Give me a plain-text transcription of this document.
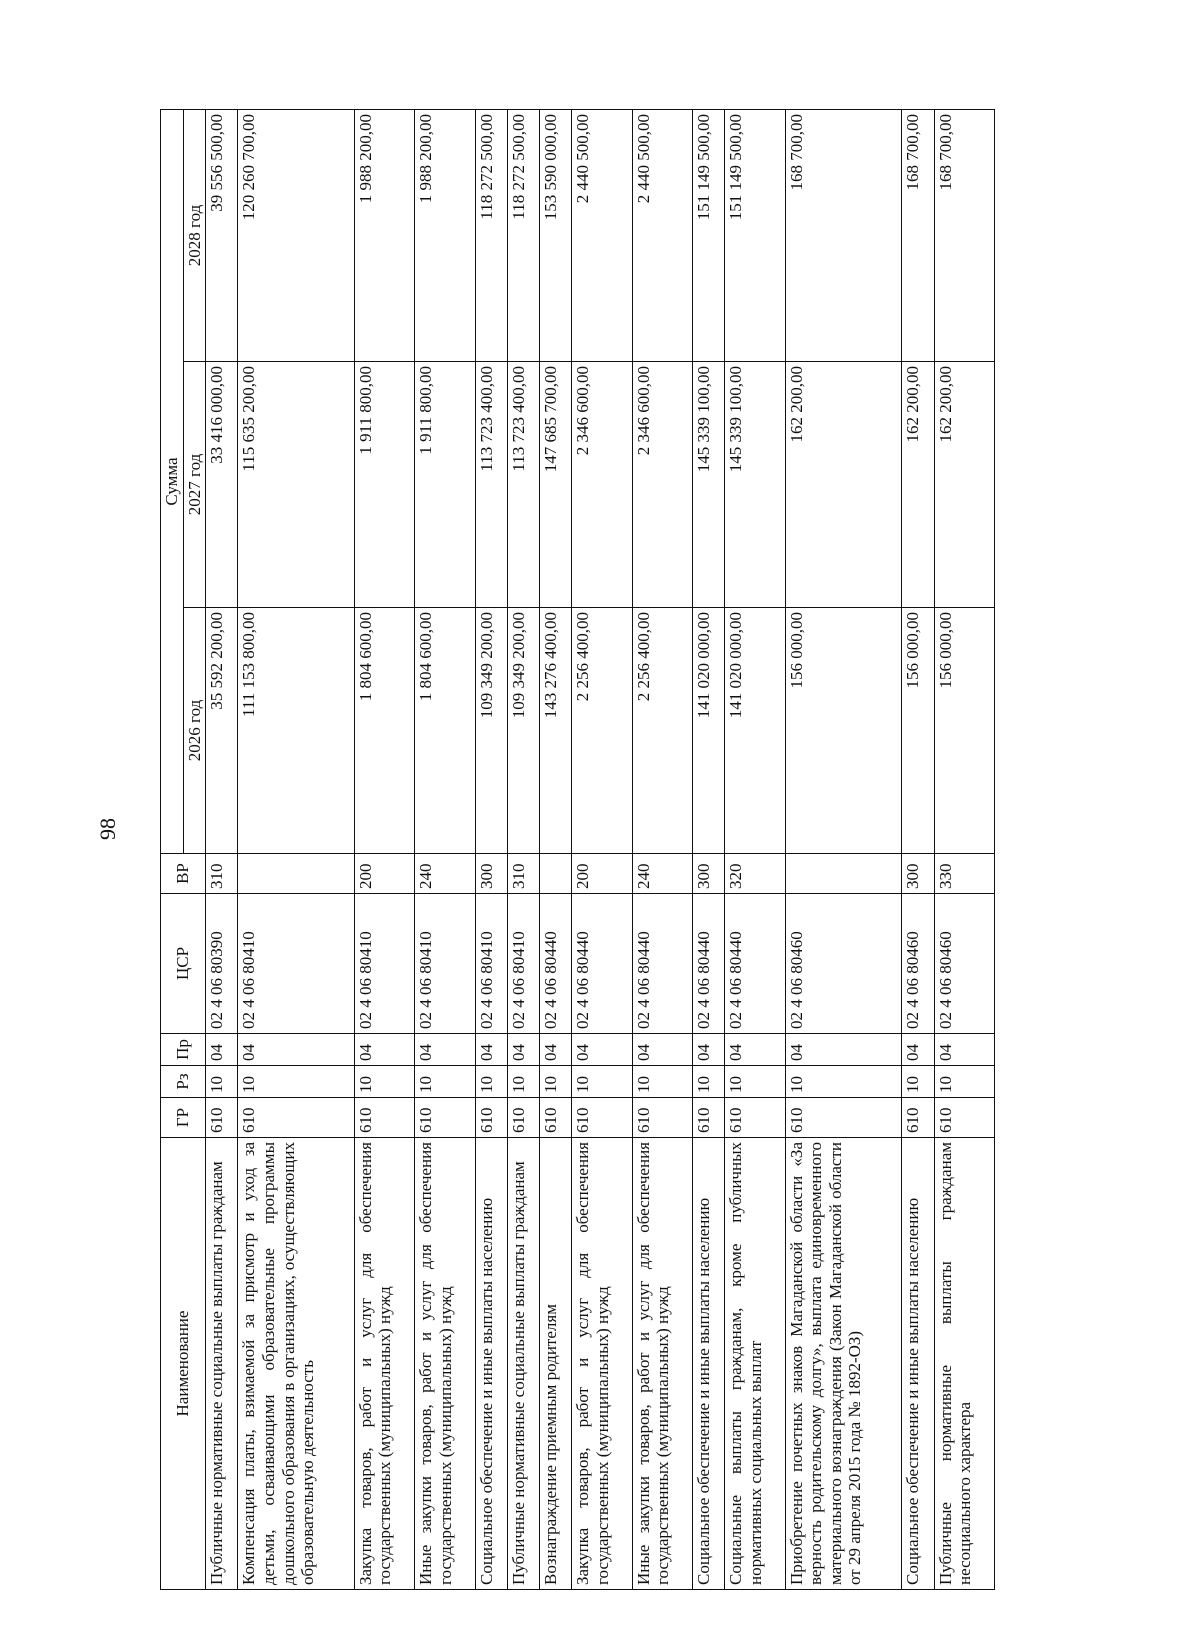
98
Наименование	ГР	Рз	Пр	ЦСР	ВР	Сумма		
						2026 год	2027 год	2028 год
Публичные нормативные социальные выплаты гражданам	610	10	04	02 4 06 80390	310	35 592 200,00	33 416 000,00	39 556 500,00
Компенсация платы, взимаемой за присмотр и уход за детьми, осваивающими образовательные программы дошкольного образования в организациях, осуществляющих образовательную деятельность	610	10	04	02 4 06 80410		111 153 800,00	115 635 200,00	120 260 700,00
Закупка товаров, работ и услуг для обеспечения государственных (муниципальных) нужд	610	10	04	02 4 06 80410	200	1 804 600,00	1 911 800,00	1 988 200,00
Иные закупки товаров, работ и услуг для обеспечения государственных (муниципальных) нужд	610	10	04	02 4 06 80410	240	1 804 600,00	1 911 800,00	1 988 200,00
Социальное обеспечение и иные выплаты населению	610	10	04	02 4 06 80410	300	109 349 200,00	113 723 400,00	118 272 500,00
Публичные нормативные социальные выплаты гражданам	610	10	04	02 4 06 80410	310	109 349 200,00	113 723 400,00	118 272 500,00
Вознаграждение приемным родителям	610	10	04	02 4 06 80440		143 276 400,00	147 685 700,00	153 590 000,00
Закупка товаров, работ и услуг для обеспечения государственных (муниципальных) нужд	610	10	04	02 4 06 80440	200	2 256 400,00	2 346 600,00	2 440 500,00
Иные закупки товаров, работ и услуг для обеспечения государственных (муниципальных) нужд	610	10	04	02 4 06 80440	240	2 256 400,00	2 346 600,00	2 440 500,00
Социальное обеспечение и иные выплаты населению	610	10	04	02 4 06 80440	300	141 020 000,00	145 339 100,00	151 149 500,00
Социальные выплаты гражданам, кроме публичных нормативных социальных выплат	610	10	04	02 4 06 80440	320	141 020 000,00	145 339 100,00	151 149 500,00
Приобретение почетных знаков Магаданской области «За верность родительскому долгу», выплата единовременного материального вознаграждения (Закон Магаданской области от 29 апреля 2015 года № 1892-ОЗ)	610	10	04	02 4 06 80460		156 000,00	162 200,00	168 700,00
Социальное обеспечение и иные выплаты населению	610	10	04	02 4 06 80460	300	156 000,00	162 200,00	168 700,00
Публичные нормативные выплаты гражданам несоциального характера	610	10	04	02 4 06 80460	330	156 000,00	162 200,00	168 700,00
